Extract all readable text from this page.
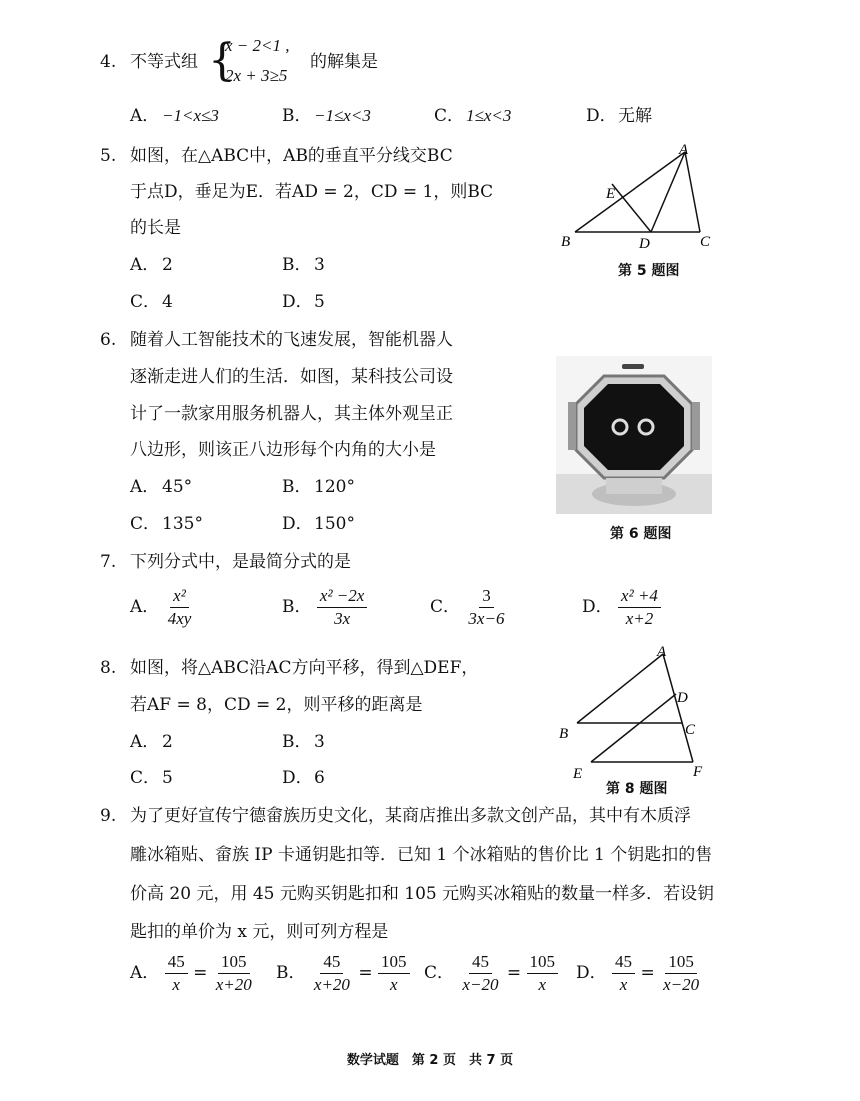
4. 不等式组 {
x − 2<1 ,
2x + 3≥5
的解集是
A． −1<x≤3	B． −1≤x<3	C． 1≤x<3	D． 无解
5. 如图，在△ABC中，AB的垂直平分线交BC
于点D，垂足为E．若AD = 2，CD = 1，则BC
的长是
A． 2	B． 3
C． 4	D． 5
A
B	C
D
E
第 5 题图
6. 随着人工智能技术的飞速发展，智能机器人
逐渐走进人们的生活．如图，某科技公司设
计了一款家用服务机器人，其主体外观呈正
八边形，则该正八边形每个内角的大小是
A． 45°	B． 120°
C． 135°	D． 150°	第 6 题图
7. 下列分式中，是最简分式的是
A． $\frac{\text{x²}}{4xy}$	B． $\frac{\text{x² −2x}}{3x}$	C． $\frac{3}{3x-6}$	D． $\frac{\text{x² +4}}{x+2}$
8. 如图，将△ABC沿AC方向平移，得到△DEF，
若AF = 8，CD = 2，则平移的距离是
A． 2	B． 3
C． 5	D． 6
A
B	C
D
E	F
第 8 题图
9. 为了更好宣传宁德畲族历史文化，某商店推出多款文创产品，其中有木质浮
雕冰箱贴、畲族 IP 卡通钥匙扣等．已知 1 个冰箱贴的售价比 1 个钥匙扣的售
价高 20 元，用 45 元购买钥匙扣和 105 元购买冰箱贴的数量一样多．若设钥
匙扣的单价为 x 元，则可列方程是
A． $\frac{45}{x} = \frac{105}{x+20}$ B． $\frac{45}{x+20} = \frac{105}{x}$ C． $\frac{45}{x-20} = \frac{105}{x}$ D． $\frac{45}{x} = \frac{105}{x-20}$
数学试题　第 2 页　共 7 页
